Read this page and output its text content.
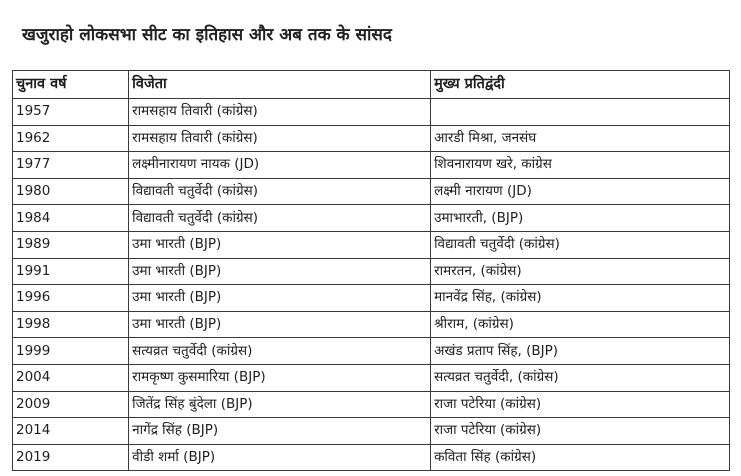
खजुराहो लोकसभा सीट का इतिहास और अब तक के सांसद
चुनाव वर्ष	विजेता	मुख्य प्रतिद्वंदी
1957	रामसहाय तिवारी (कांग्रेस)	
1962	रामसहाय तिवारी (कांग्रेस)	आरडी मिश्रा, जनसंघ
1977	लक्ष्मीनारायण नायक (JD)	शिवनारायण खरे, कांग्रेस
1980	विद्यावती चतुर्वेदी (कांग्रेस)	लक्ष्मी नारायण (JD)
1984	विद्यावती चतुर्वेदी (कांग्रेस)	उमाभारती, (BJP)
1989	उमा भारती (BJP)	विद्यावती चतुर्वेदी (कांग्रेस)
1991	उमा भारती (BJP)	रामरतन, (कांग्रेस)
1996	उमा भारती (BJP)	मानवेंद्र सिंह, (कांग्रेस)
1998	उमा भारती (BJP)	श्रीराम, (कांग्रेस)
1999	सत्यव्रत चतुर्वेदी (कांग्रेस)	अखंड प्रताप सिंह, (BJP)
2004	रामकृष्ण कुसमारिया (BJP)	सत्यव्रत चतुर्वेदी, (कांग्रेस)
2009	जितेंद्र सिंह बुंदेला (BJP)	राजा पटेरिया (कांग्रेस)
2014	नागेंद्र सिंह (BJP)	राजा पटेरिया (कांग्रेस)
2019	वीडी शर्मा (BJP)	कविता सिंह (कांग्रेस)
